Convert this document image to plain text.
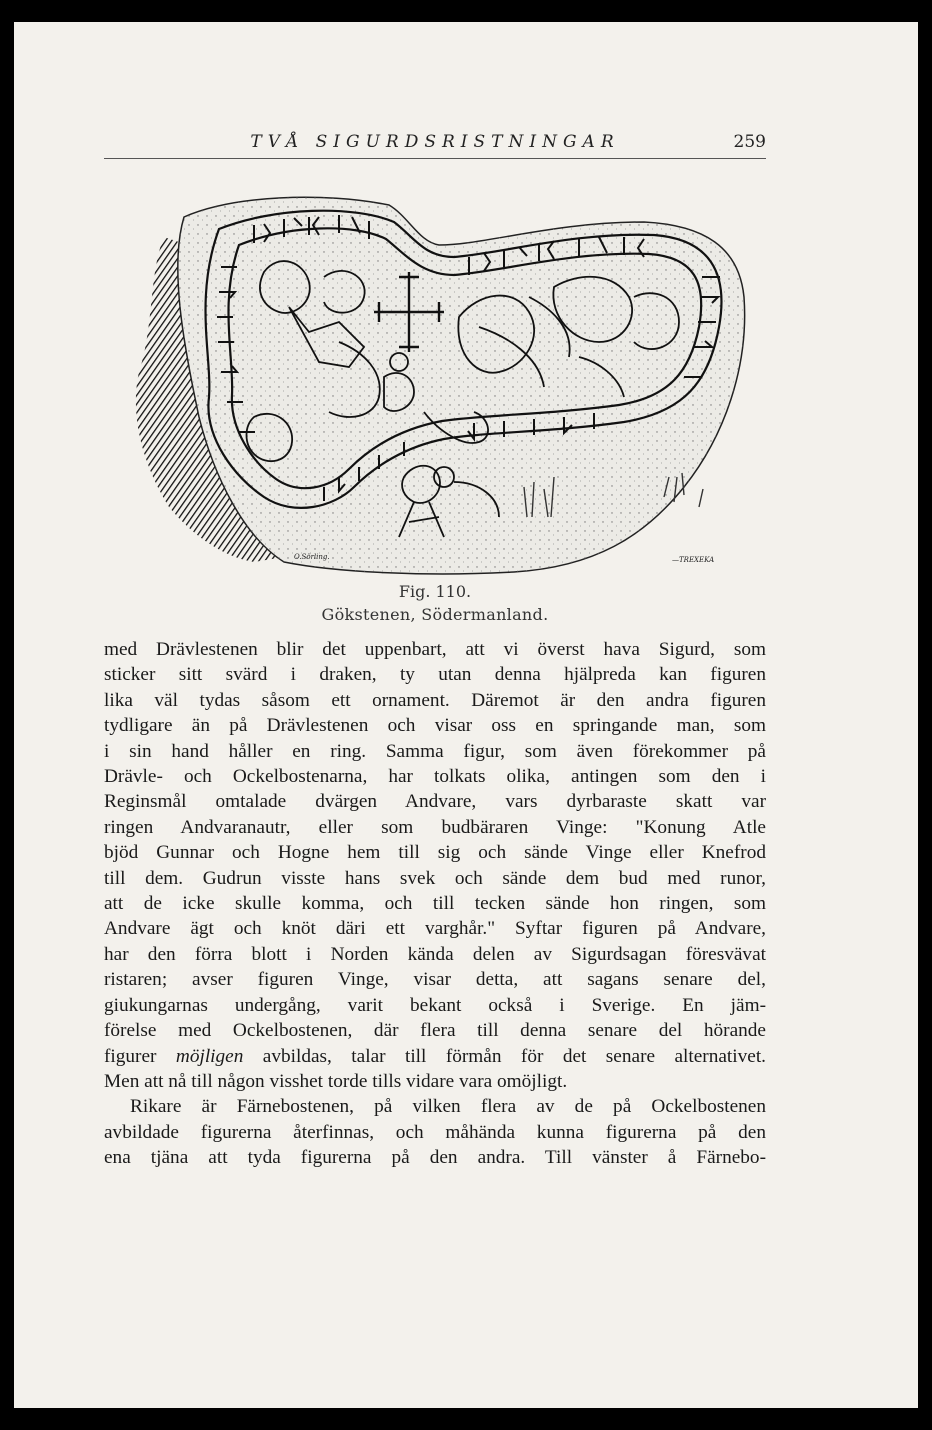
TVÅ SIGURDSRISTNINGAR	259
O.Sörling.	—TREXEKA
Fig. 110.
Gökstenen, Södermanland.

med Drävlestenen blir det uppenbart, att vi överst hava Sigurd, som

sticker sitt svärd i draken, ty utan denna hjälpreda kan figuren

lika väl tydas såsom ett ornament. Däremot är den andra figuren

tydligare än på Drävlestenen och visar oss en springande man, som

i sin hand håller en ring. Samma figur, som även förekommer på

Drävle- och Ockelbostenarna, har tolkats olika, antingen som den i

Reginsmål omtalade dvärgen Andvare, vars dyrbaraste skatt var

ringen Andvaranautr, eller som budbäraren Vinge: "Konung Atle

bjöd Gunnar och Hogne hem till sig och sände Vinge eller Knefrod

till dem. Gudrun visste hans svek och sände dem bud med runor,

att de icke skulle komma, och till tecken sände hon ringen, som

Andvare ägt och knöt däri ett varghår." Syftar figuren på Andvare,

har den förra blott i Norden kända delen av Sigurdsagan föresvävat

ristaren; avser figuren Vinge, visar detta, att sagans senare del,

giukungarnas undergång, varit bekant också i Sverige. En jäm-

förelse med Ockelbostenen, där flera till denna senare del hörande

figurer möjligen avbildas, talar till förmån för det senare alternativet.

Men att nå till någon visshet torde tills vidare vara omöjligt.

Rikare är Färnebostenen, på vilken flera av de på Ockelbostenen

avbildade figurerna återfinnas, och måhända kunna figurerna på den

ena tjäna att tyda figurerna på den andra. Till vänster å Färnebo-
